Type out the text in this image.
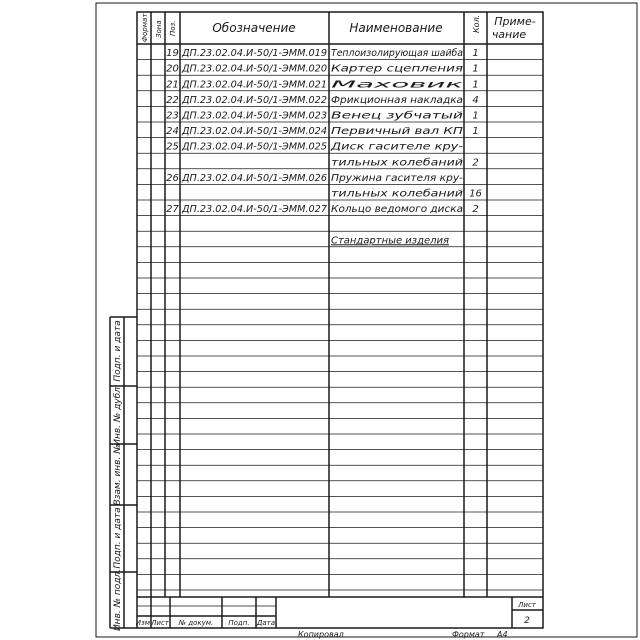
Формат Зона Поз.	Обозначение	Наименование	Кол. Приме-
чание
19 ДП.23.02.04.И-50/1-ЭММ.019 Теплоизолирующая шайба 1
20 ДП.23.02.04.И-50/1-ЭММ.020 Картер сцепления 1
21 ДП.23.02.04.И-50/1-ЭММ.021 Маховик 1
22 ДП.23.02.04.И-50/1-ЭММ.022 Фрикционная накладка 4
23 ДП.23.02.04.И-50/1-ЭММ.023 Венец зубчатый	1
24 ДП.23.02.04.И-50/1-ЭММ.024 Первичный вал КП 1
25 ДП.23.02.04.И-50/1-ЭММ.025 Диск гасителе кру-
тильных колебаний	2
26 ДП.23.02.04.И-50/1-ЭММ.026 Пружина гасителя кру-
тильных колебаний	16
27 ДП.23.02.04.И-50/1-ЭММ.027 Кольцо ведомого диска 2
Стандартные изделия
Подп. и дата
Инв. № дубл.
Взам. инв. №
Подп. и дата
Инв. № подл. Изм.
Лист № докум. Подп. Дата
Лист
2
Копировал	Формат А4
